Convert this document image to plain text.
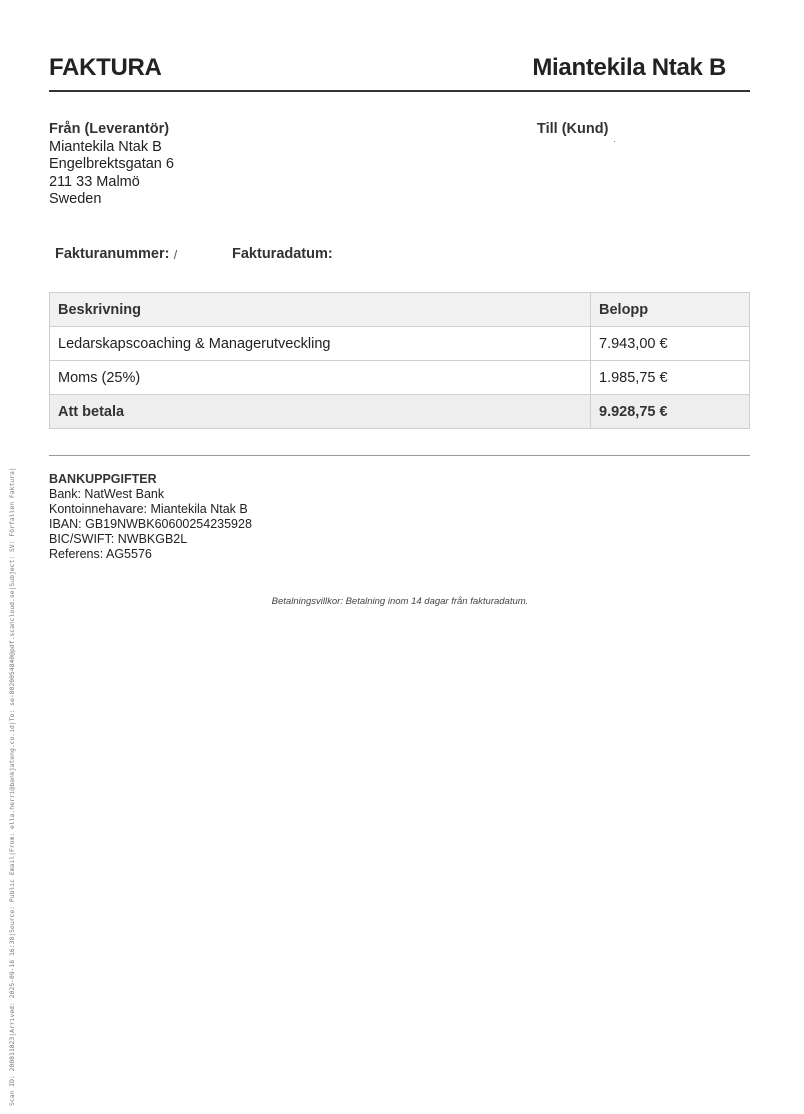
FAKTURA	Miantekila Ntak B
Från (Leverantör)
Miantekila Ntak B
Engelbrektsgatan 6
211 33 Malmö
Sweden
Till (Kund)
Fakturanummer:	Fakturadatum:
Beskrivning	Belopp
Ledarskapscoaching & Managerutveckling	7.943,00 €
Moms (25%)	1.985,75 €
Att betala	9.928,75 €
BANKUPPGIFTER
Bank: NatWest Bank
Kontoinnehavare: Miantekila Ntak B
IBAN: GB19NWBK60600254235928
BIC/SWIFT: NWBKGB2L
Referens: AG5576
Betalningsvillkor: Betalning inom 14 dagar från fakturadatum.
Scan ID: 200811823|Arrived: 2025-09-16 16:30|Source: Public Email|From: ella.herri@bankjateng.co.id|To: se-8020054840@pdf.scancloud.se|Subject: SV: Förfallen Faktura|
